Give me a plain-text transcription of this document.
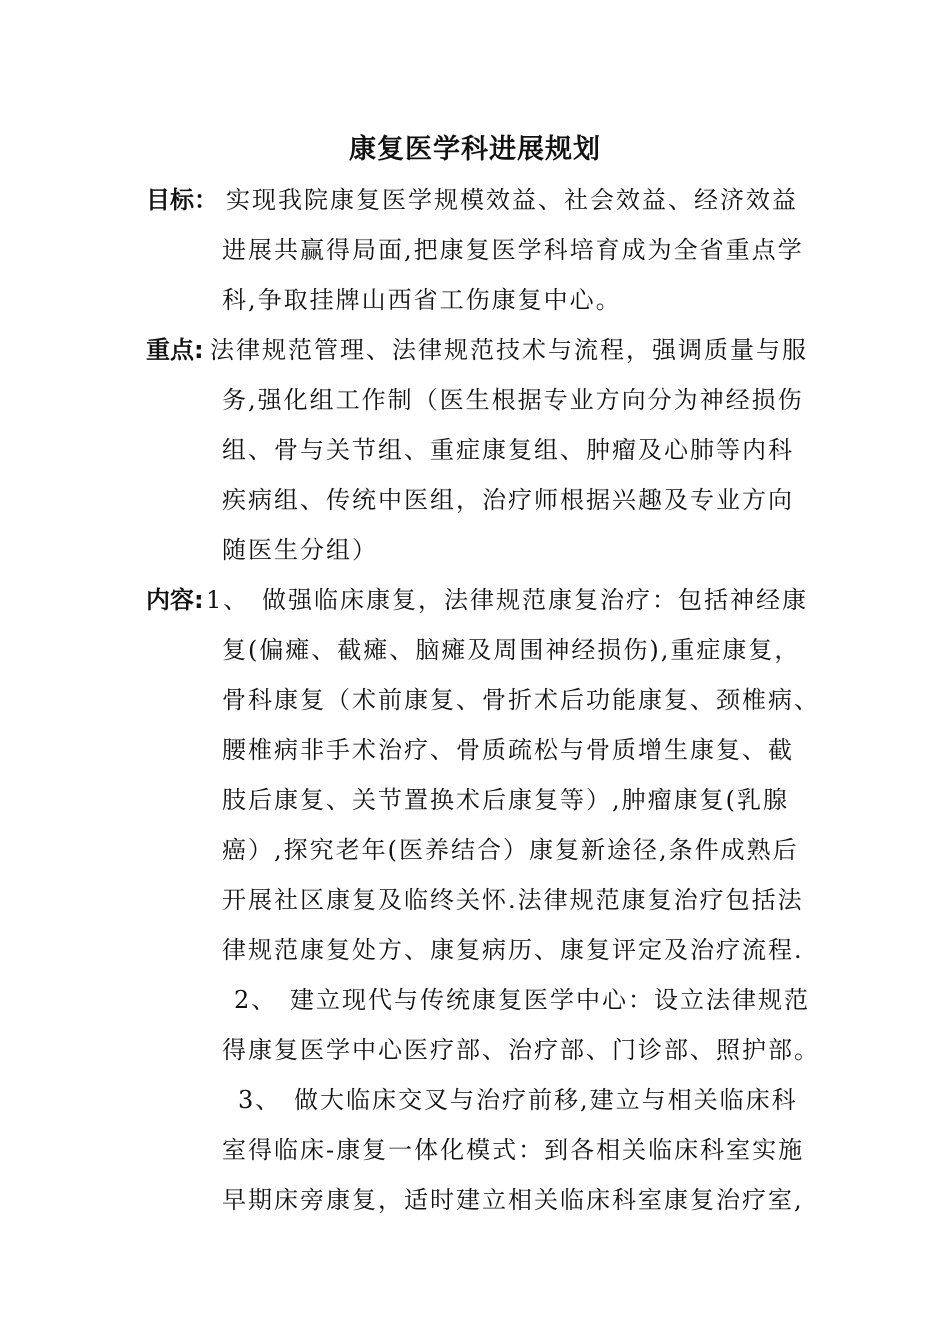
康复医学科进展规划
目标： 实现我院康复医学规模效益、社会效益、经济效益
进展共赢得局面,把康复医学科培育成为全省重点学
科,争取挂牌山西省工伤康复中心。
重点: 法律规范管理、法律规范技术与流程，强调质量与服
务,强化组工作制（医生根据专业方向分为神经损伤
组、骨与关节组、重症康复组、肿瘤及心肺等内科
疾病组、传统中医组，治疗师根据兴趣及专业方向
随医生分组）
内容: 1、 做强临床康复，法律规范康复治疗：包括神经康
复(偏瘫、截瘫、脑瘫及周围神经损伤),重症康复，
骨科康复（术前康复、骨折术后功能康复、颈椎病、
腰椎病非手术治疗、骨质疏松与骨质增生康复、截
肢后康复、关节置换术后康复等）,肿瘤康复(乳腺
癌）,探究老年(医养结合）康复新途径,条件成熟后
开展社区康复及临终关怀.法律规范康复治疗包括法
律规范康复处方、康复病历、康复评定及治疗流程.
2、 建立现代与传统康复医学中心：设立法律规范
得康复医学中心医疗部、治疗部、门诊部、照护部。
3、 做大临床交叉与治疗前移,建立与相关临床科
室得临床-康复一体化模式：到各相关临床科室实施
早期床旁康复，适时建立相关临床科室康复治疗室,
